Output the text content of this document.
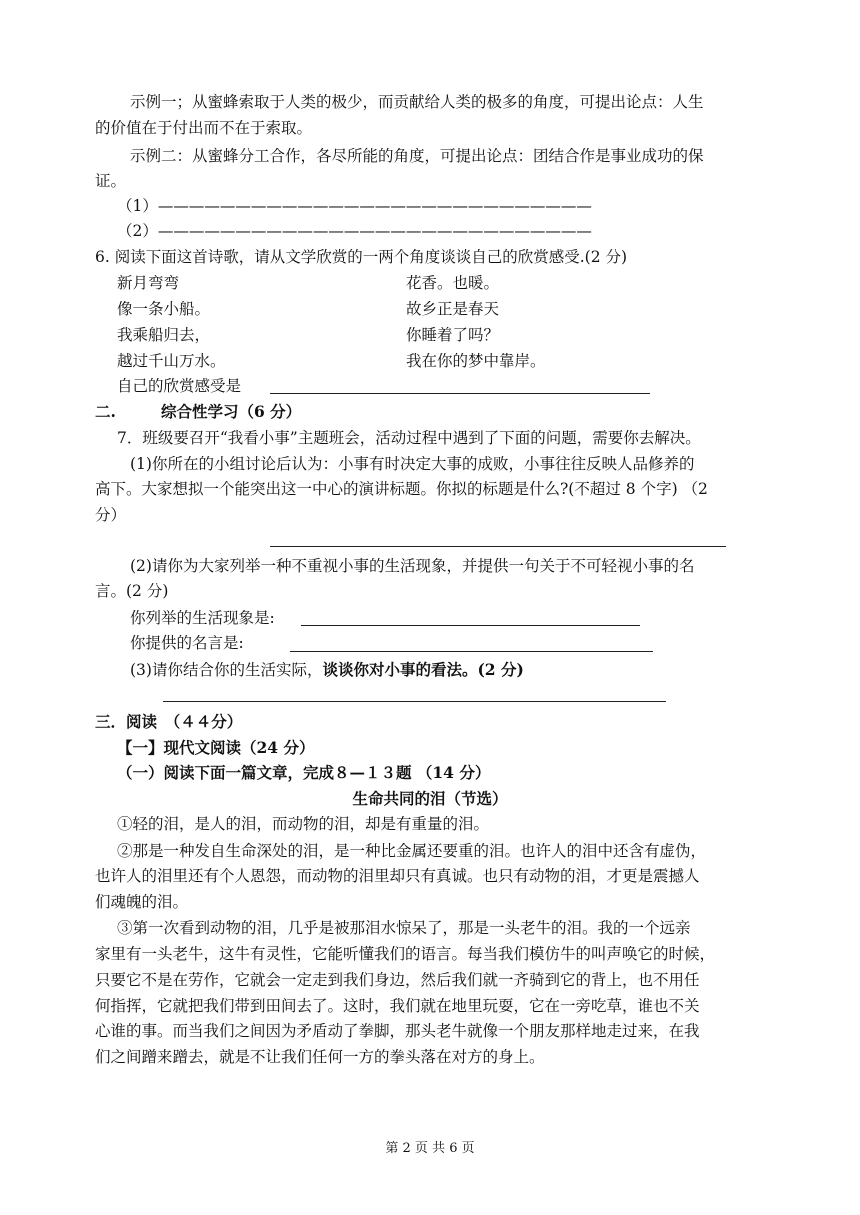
示例一；从蜜蜂索取于人类的极少，而贡献给人类的极多的角度，可提出论点：人生
的价值在于付出而不在于索取。
示例二：从蜜蜂分工合作，各尽所能的角度，可提出论点：团结合作是事业成功的保
证。
（1）————————————————————————————
（2）————————————————————————————
6. 阅读下面这首诗歌，请从文学欣赏的一两个角度谈谈自己的欣赏感受.(2 分)
新月弯弯
像一条小船。
我乘船归去，
越过千山万水。
花香。也暖。
故乡正是春天
你睡着了吗？
我在你的梦中靠岸。
自己的欣赏感受是
二.	综合性学习（6 分）
7．班级要召开“我看小事”主题班会，活动过程中遇到了下面的问题，需要你去解决。
(1)你所在的小组讨论后认为：小事有时决定大事的成败，小事往往反映人品修养的
高下。大家想拟一个能突出这一中心的演讲标题。你拟的标题是什么?(不超过 8 个字) （2
分）
(2)请你为大家列举一种不重视小事的生活现象，并提供一句关于不可轻视小事的名
言。(2 分)
你列举的生活现象是:
你提供的名言是:
(3)请你结合你的生活实际，谈谈你对小事的看法。(2 分)
三．阅读　（４４分）
【一】现代文阅读（24 分）
（一）阅读下面一篇文章，完成８—１３题 （14 分）
生命共同的泪（节选）
①轻的泪，是人的泪，而动物的泪，却是有重量的泪。
②那是一种发自生命深处的泪，是一种比金属还要重的泪。也许人的泪中还含有虚伪，
也许人的泪里还有个人恩怨，而动物的泪里却只有真诚。也只有动物的泪，才更是震撼人
们魂魄的泪。
③第一次看到动物的泪，几乎是被那泪水惊呆了，那是一头老牛的泪。我的一个远亲
家里有一头老牛，这牛有灵性，它能听懂我们的语言。每当我们模仿牛的叫声唤它的时候，
只要它不是在劳作，它就会一定走到我们身边，然后我们就一齐骑到它的背上，也不用任
何指挥，它就把我们带到田间去了。这时，我们就在地里玩耍，它在一旁吃草，谁也不关
心谁的事。而当我们之间因为矛盾动了拳脚，那头老牛就像一个朋友那样地走过来，在我
们之间蹭来蹭去，就是不让我们任何一方的拳头落在对方的身上。
第 2 页 共 6 页
